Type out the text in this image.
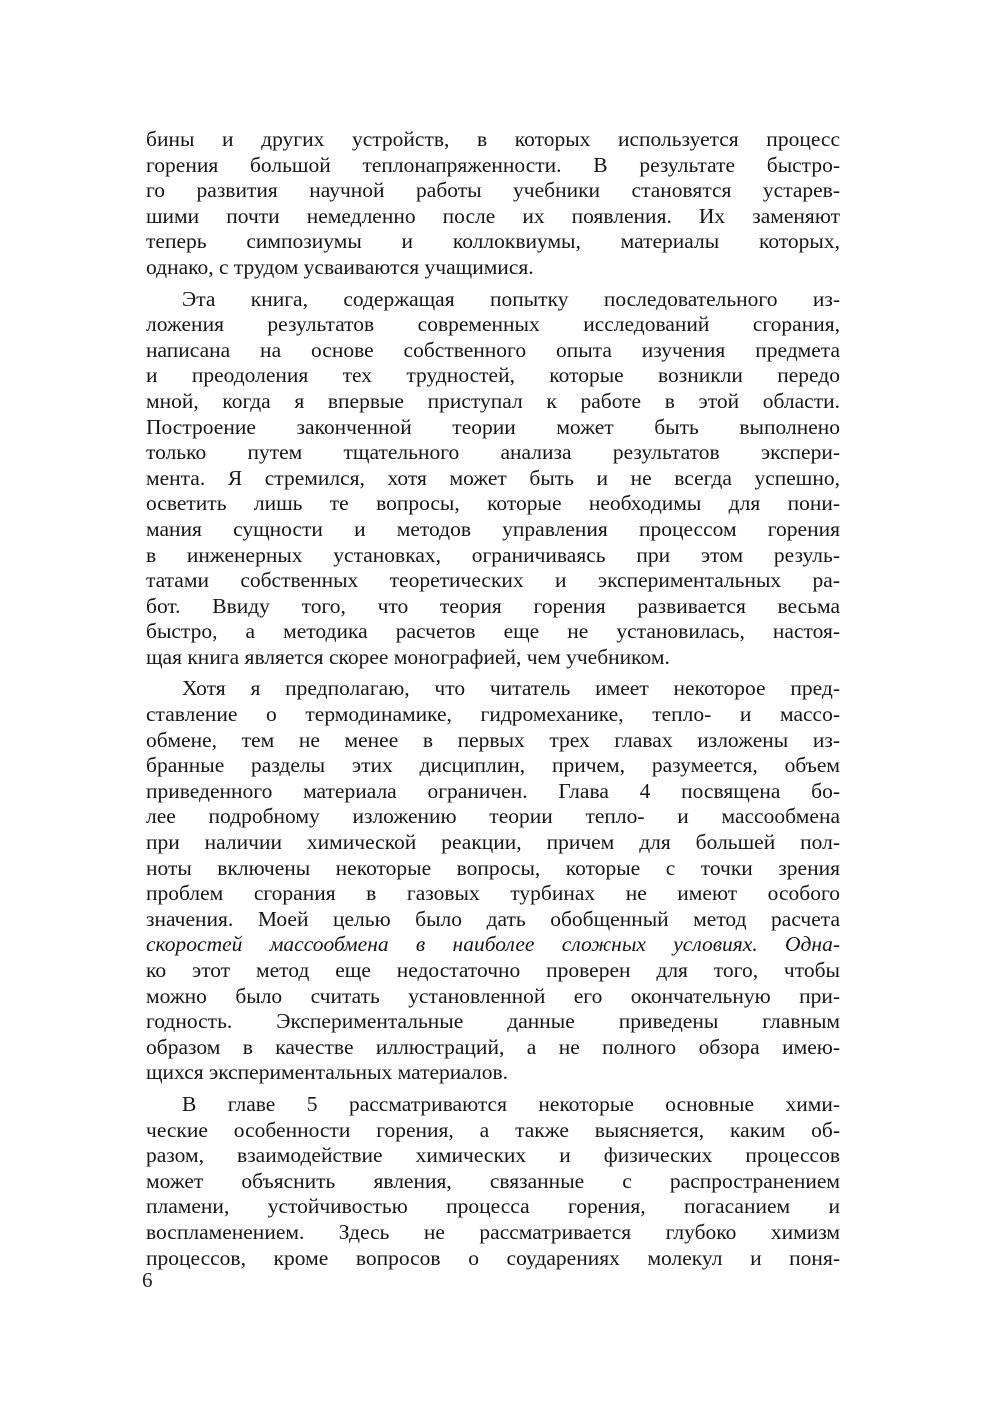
бины и других устройств, в которых используется процесс
горения большой теплонапряженности. В результате быстро-
го развития научной работы учебники становятся устарев-
шими почти немедленно после их появления. Их заменяют
теперь симпозиумы и коллоквиумы, материалы которых,
однако, с трудом усваиваются учащимися.
Эта книга, содержащая попытку последовательного из-
ложения результатов современных исследований сгорания,
написана на основе собственного опыта изучения предмета
и преодоления тех трудностей, которые возникли передо
мной, когда я впервые приступал к работе в этой области.
Построение законченной теории может быть выполнено
только путем тщательного анализа результатов экспери-
мента. Я стремился, хотя может быть и не всегда успешно,
осветить лишь те вопросы, которые необходимы для пони-
мания сущности и методов управления процессом горения
в инженерных установках, ограничиваясь при этом резуль-
татами собственных теоретических и экспериментальных ра-
бот. Ввиду того, что теория горения развивается весьма
быстро, а методика расчетов еще не установилась, настоя-
щая книга является скорее монографией, чем учебником.
Хотя я предполагаю, что читатель имеет некоторое пред-
ставление о термодинамике, гидромеханике, тепло- и массо-
обмене, тем не менее в первых трех главах изложены из-
бранные разделы этих дисциплин, причем, разумеется, объем
приведенного материала ограничен. Глава 4 посвящена бо-
лее подробному изложению теории тепло- и массообмена
при наличии химической реакции, причем для большей пол-
ноты включены некоторые вопросы, которые с точки зрения
проблем сгорания в газовых турбинах не имеют особого
значения. Моей целью было дать обобщенный метод расчета
скоростей массообмена в наиболее сложных условиях. Одна-
ко этот метод еще недостаточно проверен для того, чтобы
можно было считать установленной его окончательную при-
годность. Экспериментальные данные приведены главным
образом в качестве иллюстраций, а не полного обзора имею-
щихся экспериментальных материалов.
В главе 5 рассматриваются некоторые основные хими-
ческие особенности горения, а также выясняется, каким об-
разом, взаимодействие химических и физических процессов
может объяснить явления, связанные с распространением
пламени, устойчивостью процесса горения, погасанием и
воспламенением. Здесь не рассматривается глубоко химизм
процессов, кроме вопросов о соударениях молекул и поня-
6
